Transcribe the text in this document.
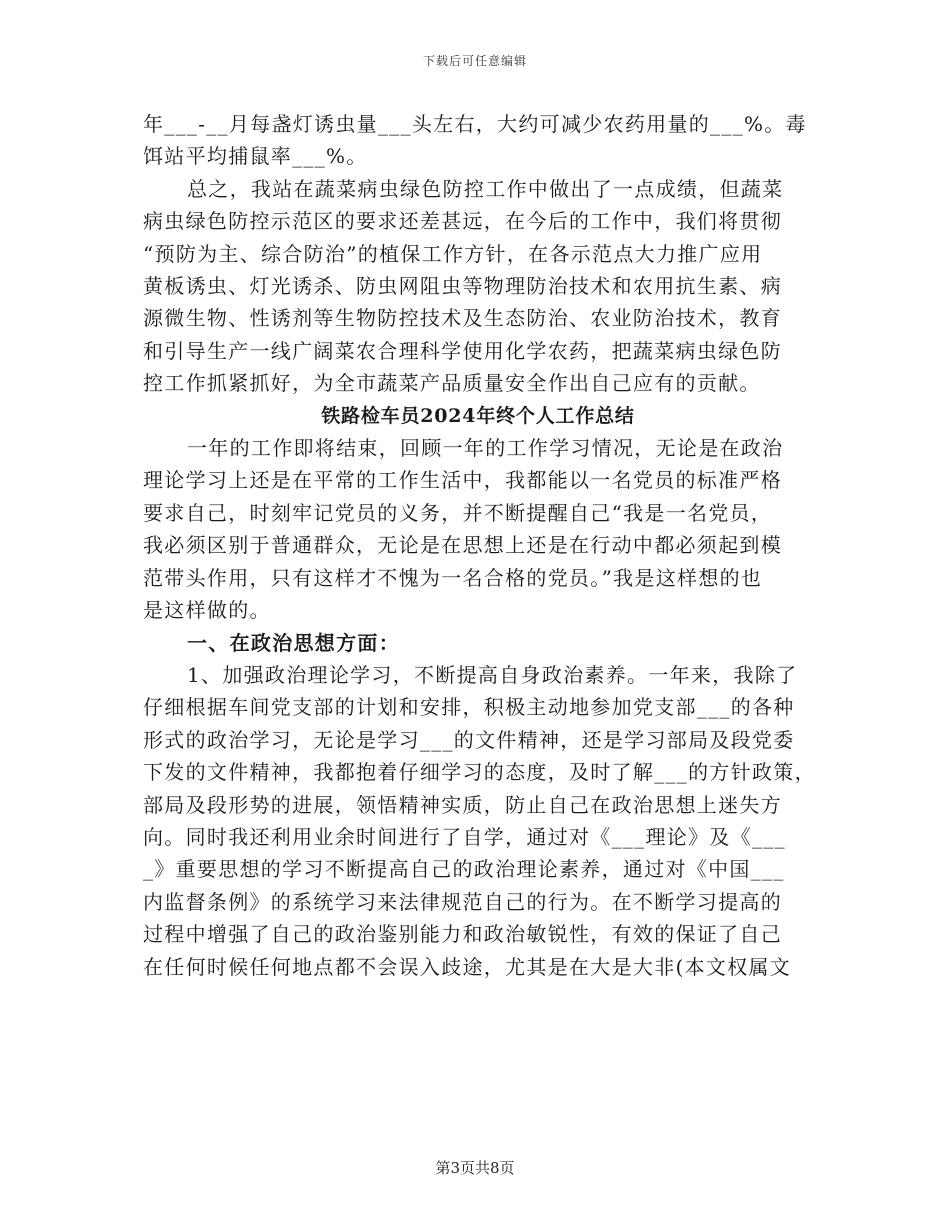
下载后可任意编辑

年___-__月每盏灯诱虫量___头左右，大约可减少农药用量的___%。毒

饵站平均捕鼠率___%。

总之，我站在蔬菜病虫绿色防控工作中做出了一点成绩，但蔬菜

病虫绿色防控示范区的要求还差甚远，在今后的工作中，我们将贯彻

“预防为主、综合防治”的植保工作方针，在各示范点大力推广应用

黄板诱虫、灯光诱杀、防虫网阻虫等物理防治技术和农用抗生素、病

源微生物、性诱剂等生物防控技术及生态防治、农业防治技术，教育

和引导生产一线广阔菜农合理科学使用化学农药，把蔬菜病虫绿色防

控工作抓紧抓好，为全市蔬菜产品质量安全作出自己应有的贡献。

铁路检车员2024年终个人工作总结

一年的工作即将结束，回顾一年的工作学习情况，无论是在政治

理论学习上还是在平常的工作生活中，我都能以一名党员的标准严格

要求自己，时刻牢记党员的义务，并不断提醒自己“我是一名党员，

我必须区别于普通群众，无论是在思想上还是在行动中都必须起到模

范带头作用，只有这样才不愧为一名合格的党员。”我是这样想的也

是这样做的。

一、在政治思想方面：

1、加强政治理论学习，不断提高自身政治素养。一年来，我除了

仔细根据车间党支部的计划和安排，积极主动地参加党支部___的各种

形式的政治学习，无论是学习___的文件精神，还是学习部局及段党委

下发的文件精神，我都抱着仔细学习的态度，及时了解___的方针政策，

部局及段形势的进展，领悟精神实质，防止自己在政治思想上迷失方

向。同时我还利用业余时间进行了自学，通过对《___理论》及《___

_》重要思想的学习不断提高自己的政治理论素养，通过对《中国___

内监督条例》的系统学习来法律规范自己的行为。在不断学习提高的

过程中增强了自己的政治鉴别能力和政治敏锐性，有效的保证了自己

在任何时候任何地点都不会误入歧途，尤其是在大是大非(本文权属文

第3页共8页
